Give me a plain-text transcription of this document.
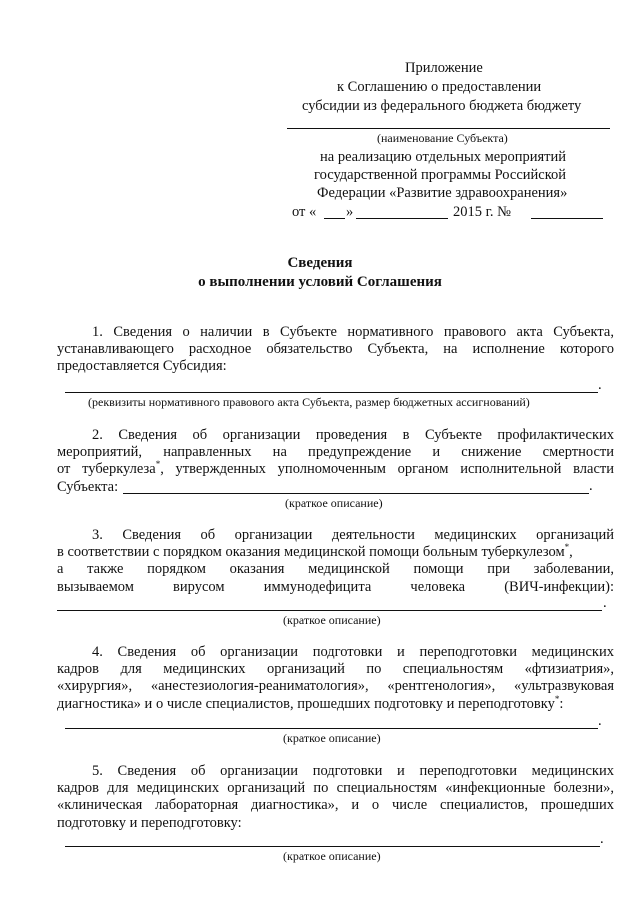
Приложение
к Соглашению о предоставлении
субсидии из федерального бюджета бюджету
(наименование Субъекта)
на реализацию отдельных мероприятий
государственной программы Российской
Федерации «Развитие здравоохранения»
от « »	2015 г. №
Сведения
о выполнении условий Соглашения
1. Сведения о наличии в Субъекте нормативного правового акта Субъекта,
устанавливающего расходное обязательство Субъекта, на исполнение которого
предоставляется Субсидия:
.
(реквизиты нормативного правового акта Субъекта, размер бюджетных ассигнований)
2. Сведения об организации проведения в Субъекте профилактических
мероприятий, направленных на предупреждение и снижение смертности
от туберкулеза*, утвержденных уполномоченным органом исполнительной власти
Субъекта:	.
(краткое описание)
3. Сведения об организации деятельности медицинских организаций
в соответствии с порядком оказания медицинской помощи больным туберкулезом*,
а также порядком оказания медицинской помощи при заболевании,
вызываемом вирусом иммунодефицита человека (ВИЧ-инфекции):
.
(краткое описание)
4. Сведения об организации подготовки и переподготовки медицинских
кадров для медицинских организаций по специальностям «фтизиатрия»,
«хирургия», «анестезиология-реаниматология», «рентгенология», «ультразвуковая
диагностика» и о числе специалистов, прошедших подготовку и переподготовку*:
.
(краткое описание)
5. Сведения об организации подготовки и переподготовки медицинских
кадров для медицинских организаций по специальностям «инфекционные болезни»,
«клиническая лабораторная диагностика», и о числе специалистов, прошедших
подготовку и переподготовку:
.
(краткое описание)
